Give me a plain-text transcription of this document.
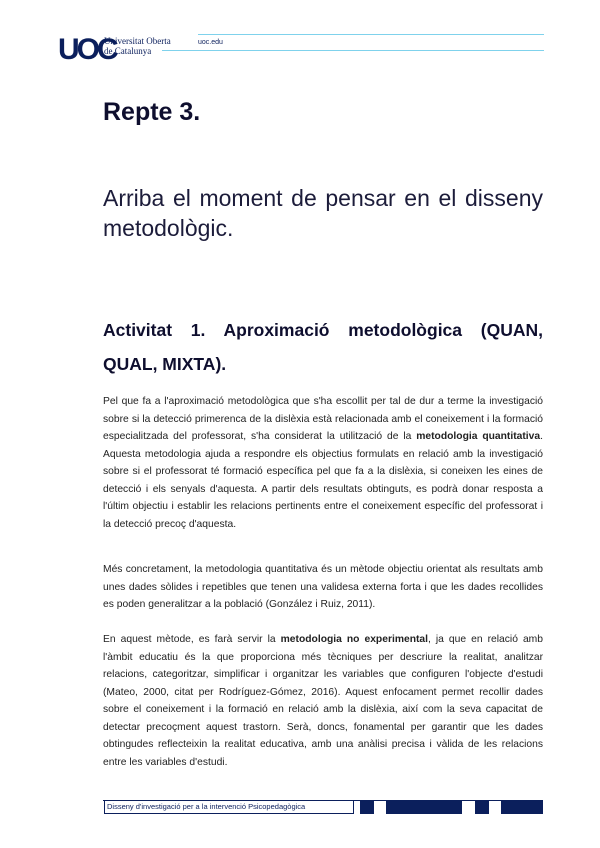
UOC
Universitat Oberta
de Catalunya
uoc.edu
Repte 3.

Arriba el moment de pensar en el disseny metodològic.

Activitat 1. Aproximació metodològica (QUAN, QUAL, MIXTA).

Pel que fa a l'aproximació metodològica que s'ha escollit per tal de dur a terme la investigació sobre si la detecció primerenca de la dislèxia està relacionada amb el coneixement i la formació especialitzada del professorat, s'ha considerat la utilització de la metodologia quantitativa. Aquesta metodologia ajuda a respondre els objectius formulats en relació amb la investigació sobre si el professorat té formació específica pel que fa a la dislèxia, si coneixen les eines de detecció i els senyals d'aquesta. A partir dels resultats obtinguts, es podrà donar resposta a l'últim objectiu i establir les relacions pertinents entre el coneixement específic del professorat i la detecció precoç d'aquesta.

Més concretament, la metodologia quantitativa és un mètode objectiu orientat als resultats amb unes dades sòlides i repetibles que tenen una validesa externa forta i que les dades recollides es poden generalitzar a la població (González i Ruiz, 2011).

En aquest mètode, es farà servir la metodologia no experimental, ja que en relació amb l'àmbit educatiu és la que proporciona més tècniques per descriure la realitat, analitzar relacions, categoritzar, simplificar i organitzar les variables que configuren l'objecte d'estudi (Mateo, 2000, citat per Rodríguez-Gómez, 2016). Aquest enfocament permet recollir dades sobre el coneixement i la formació en relació amb la dislèxia, així com la seva capacitat de detectar precoçment aquest trastorn. Serà, doncs, fonamental per garantir que les dades obtingudes reflecteixin la realitat educativa, amb una anàlisi precisa i vàlida de les relacions entre les variables d'estudi.

Disseny d'investigació per a la intervenció Psicopedagògica
